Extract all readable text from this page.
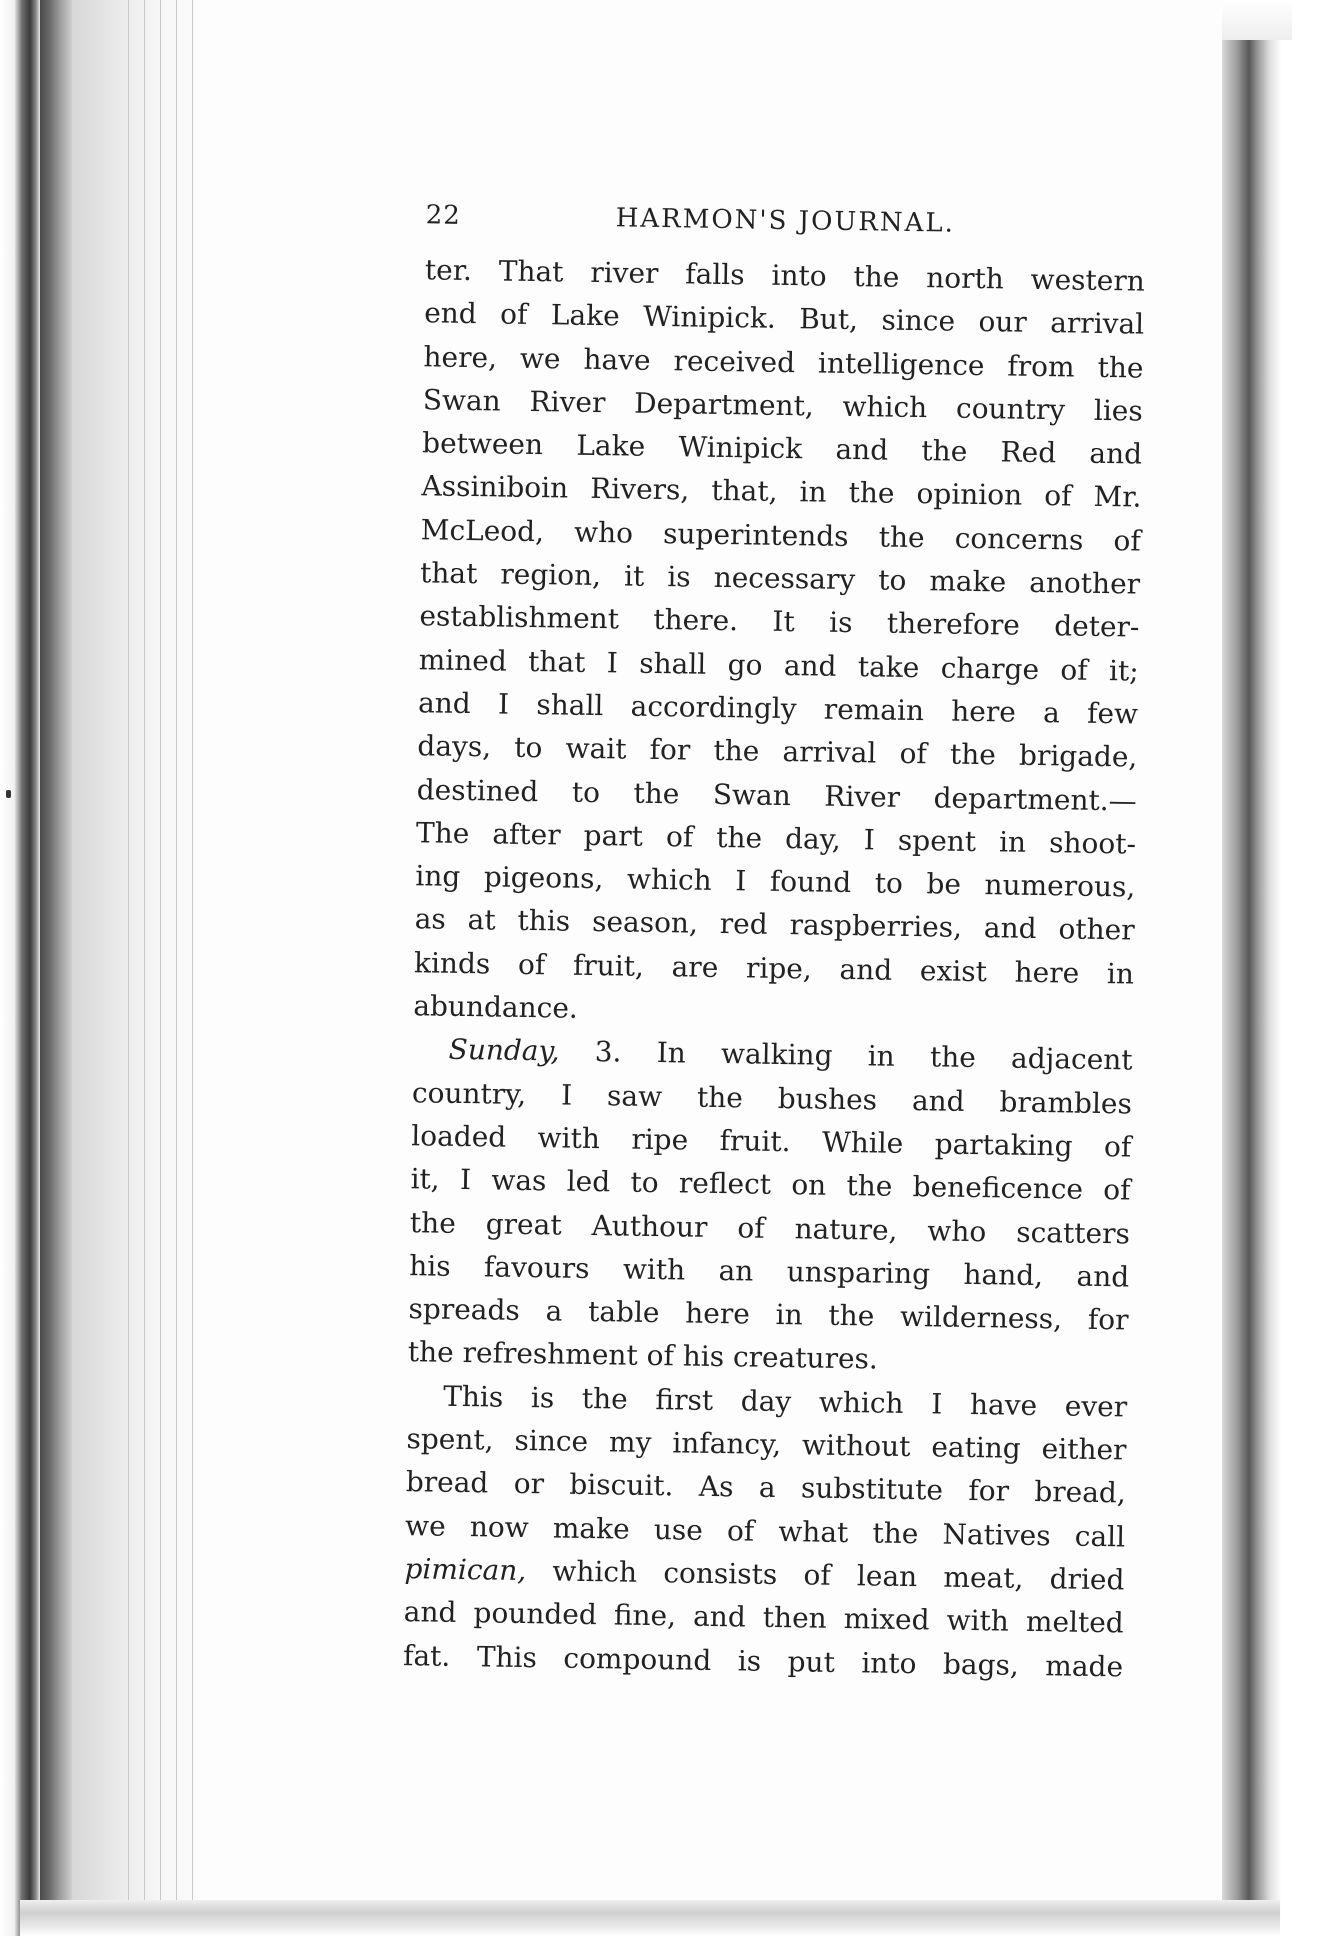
22	HARMON'S JOURNAL.
ter. That river falls into the north western
end of Lake Winipick. But, since our arrival
here, we have received intelligence from the
Swan River Department, which country lies
between Lake Winipick and the Red and
Assiniboin Rivers, that, in the opinion of Mr.
McLeod, who superintends the concerns of
that region, it is necessary to make another
establishment there. It is therefore deter-
mined that I shall go and take charge of it;
and I shall accordingly remain here a few
days, to wait for the arrival of the brigade,
destined to the Swan River department.—
The after part of the day, I spent in shoot-
ing pigeons, which I found to be numerous,
as at this season, red raspberries, and other
kinds of fruit, are ripe, and exist here in
abundance.
Sunday, 3. In walking in the adjacent
country, I saw the bushes and brambles
loaded with ripe fruit. While partaking of
it, I was led to reflect on the beneficence of
the great Authour of nature, who scatters
his favours with an unsparing hand, and
spreads a table here in the wilderness, for
the refreshment of his creatures.
This is the first day which I have ever
spent, since my infancy, without eating either
bread or biscuit. As a substitute for bread,
we now make use of what the Natives call
pimican, which consists of lean meat, dried
and pounded fine, and then mixed with melted
fat. This compound is put into bags, made
